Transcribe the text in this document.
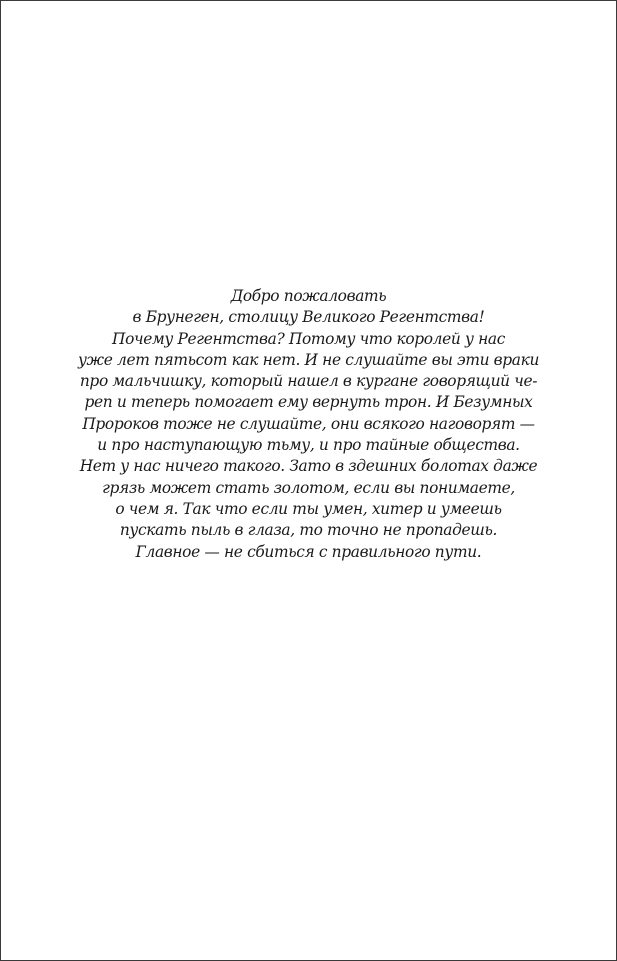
Добро пожаловать
в Брунеген, столицу Великого Регентства!
Почему Регентства? Потому что королей у нас
уже лет пятьсот как нет. И не слушайте вы эти враки
про мальчишку, который нашел в кургане говорящий че-
реп и теперь помогает ему вернуть трон. И Безумных
Пророков тоже не слушайте, они всякого наговорят —
и про наступающую тьму, и про тайные общества.
Нет у нас ничего такого. Зато в здешних болотах даже
грязь может стать золотом, если вы понимаете,
о чем я. Так что если ты умен, хитер и умеешь
пускать пыль в глаза, то точно не пропадешь.
Главное — не сбиться с правильного пути.
